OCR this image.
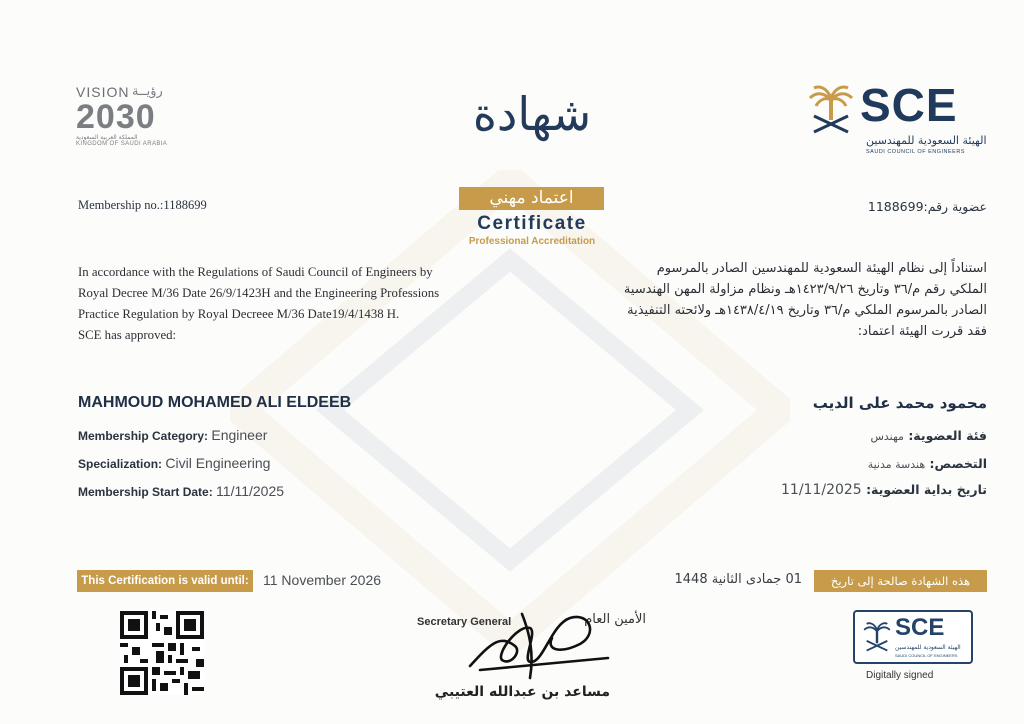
VISION رؤيــة
2030
المملكة العربية السعودية
KINGDOM OF SAUDI ARABIA
SCE
الهيئة السعودية للمهندسين
SAUDI COUNCIL OF ENGINEERS
شهادة
اعتماد مهني
Certificate
Professional Accreditation
Membership no.:1188699	عضوية رقم:1188699
In accordance with the Regulations of Saudi Council of Engineers by
Royal Decree M/36 Date 26/9/1423H and the Engineering Professions
Practice Regulation by Royal Decreee M/36 Date19/4/1438 H.
SCE has approved:
استناداً إلى نظام الهيئة السعودية للمهندسين الصادر بالمرسوم
الملكي رقم م/٣٦ وتاريخ ١٤٢٣/٩/٢٦هـ ونظام مزاولة المهن الهندسية
الصادر بالمرسوم الملكي م/٣٦ وتاريخ ١٤٣٨/٤/١٩هـ ولائحته التنفيذية
فقد قررت الهيئة اعتماد:
MAHMOUD MOHAMED ALI ELDEEB	محمود محمد على الديب
Membership Category: Engineer
Specialization: Civil Engineering
Membership Start Date: 11/11/2025
فئة العضوية: مهندس
التخصص: هندسة مدنية
تاريخ بداية العضوية: 11/11/2025
This Certification is valid until:	11 November 2026	هذه الشهادة صالحة إلى تاريخ
01 جمادى الثانية 1448
Secretary General	الأمين العام
مساعد بن عبدالله العتيبي
SCE
الهيئة السعودية للمهندسين
SAUDI COUNCIL OF ENGINEERS
Digitally signed
